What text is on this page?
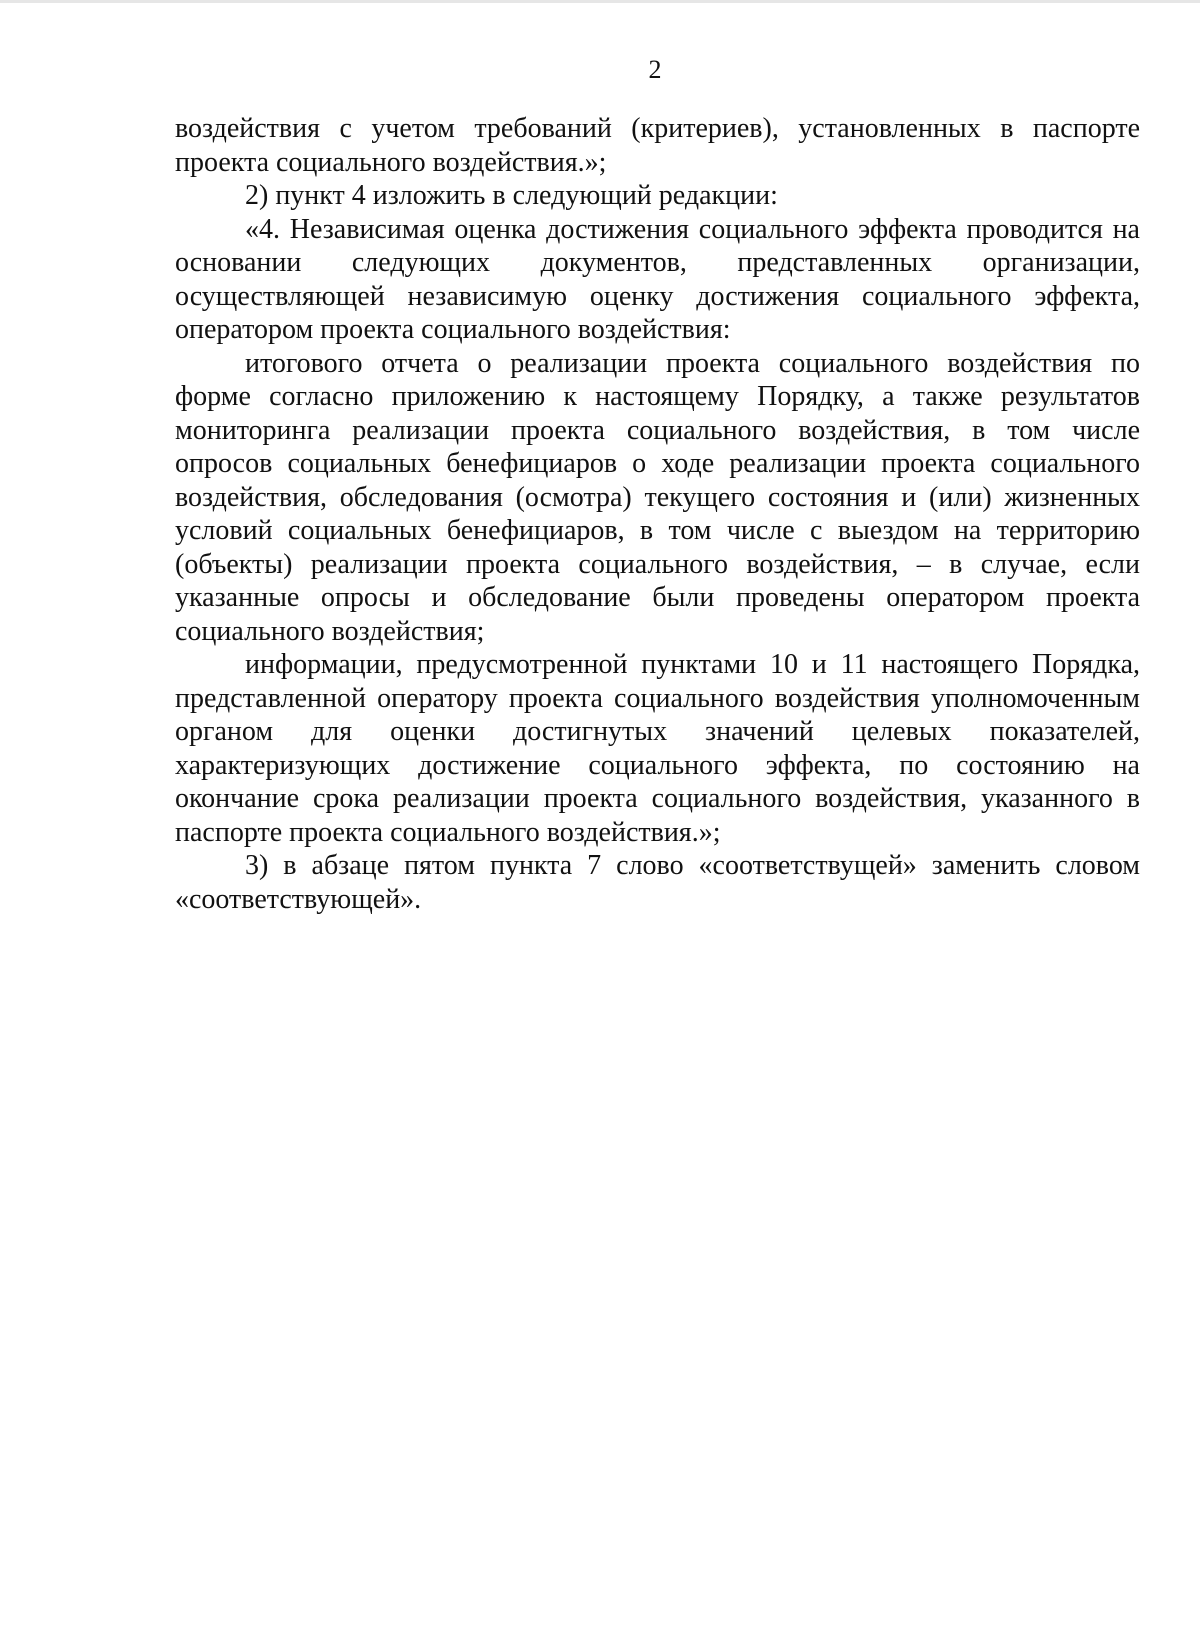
2

воздействия с учетом требований (критериев), установленных в паспорте проекта социального воздействия.»;

2) пункт 4 изложить в следующий редакции:

«4. Независимая оценка достижения социального эффекта проводится на основании следующих документов, представленных организации, осуществляющей независимую оценку достижения социального эффекта, оператором проекта социального воздействия:

итогового отчета о реализации проекта социального воздействия по форме согласно приложению к настоящему Порядку, а также результатов мониторинга реализации проекта социального воздействия, в том числе опросов социальных бенефициаров о ходе реализации проекта социального воздействия, обследования (осмотра) текущего состояния и (или) жизненных условий социальных бенефициаров, в том числе с выездом на территорию (объекты) реализации проекта социального воздействия, – в случае, если указанные опросы и обследование были проведены оператором проекта социального воздействия;

информации, предусмотренной пунктами 10 и 11 настоящего Порядка, представленной оператору проекта социального воздействия уполномоченным органом для оценки достигнутых значений целевых показателей, характеризующих достижение социального эффекта, по состоянию на окончание срока реализации проекта социального воздействия, указанного в паспорте проекта социального воздействия.»;

3) в абзаце пятом пункта 7 слово «соответствущей» заменить словом «соответствующей».
